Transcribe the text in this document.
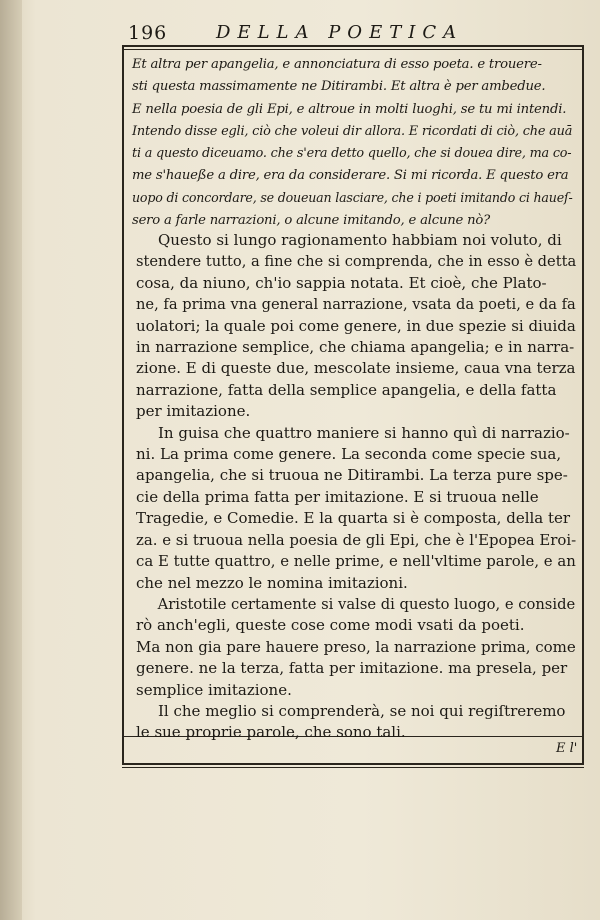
196	DELLA POETICA
Et altra per apangelia, e annonciatura di esso poeta. e trouere-
sti questa massimamente ne Ditirambi. Et altra è per ambedue.
E nella poesia de gli Epi, e altroue in molti luoghi, se tu mi intendi.
Intendo disse egli, ciò che voleui dir allora. E ricordati di ciò, che auā
ti a questo diceuamo. che s'era detto quello, che si douea dire, ma co-
me s'haueße a dire, era da considerare. Si mi ricorda. E questo era
uopo di concordare, se doueuan lasciare, che i poeti imitando ci haueſ-
sero a farle narrazioni, o alcune imitando, e alcune nò?
Questo si lungo ragionamento habbiam noi voluto, di
stendere tutto, a fine che si comprenda, che in esso è detta
cosa, da niuno, ch'io sappia notata. Et cioè, che Plato-
ne, fa prima vna general narrazione, vsata da poeti, e da fa
uolatori; la quale poi come genere, in due spezie si diuida
in narrazione semplice, che chiama apangelia; e in narra-
zione. E di queste due, mescolate insieme, caua vna terza
narrazione, fatta della semplice apangelia, e della fatta
per imitazione.
In guisa che quattro maniere si hanno quì di narrazio-
ni. La prima come genere. La seconda come specie sua,
apangelia, che si truoua ne Ditirambi. La terza pure spe-
cie della prima fatta per imitazione. E si truoua nelle
Tragedie, e Comedie. E la quarta si è composta, della ter
za. e si truoua nella poesia de gli Epi, che è l'Epopea Eroi-
ca E tutte quattro, e nelle prime, e nell'vltime parole, e an
che nel mezzo le nomina imitazioni.
Aristotile certamente si valse di questo luogo, e conside
rò anch'egli, queste cose come modi vsati da poeti.
Ma non gia pare hauere preso, la narrazione prima, come
genere. ne la terza, fatta per imitazione. ma presela, per
semplice imitazione.
Il che meglio si comprenderà, se noi qui regiſtreremo
le sue proprie parole, che sono tali.
E l'
